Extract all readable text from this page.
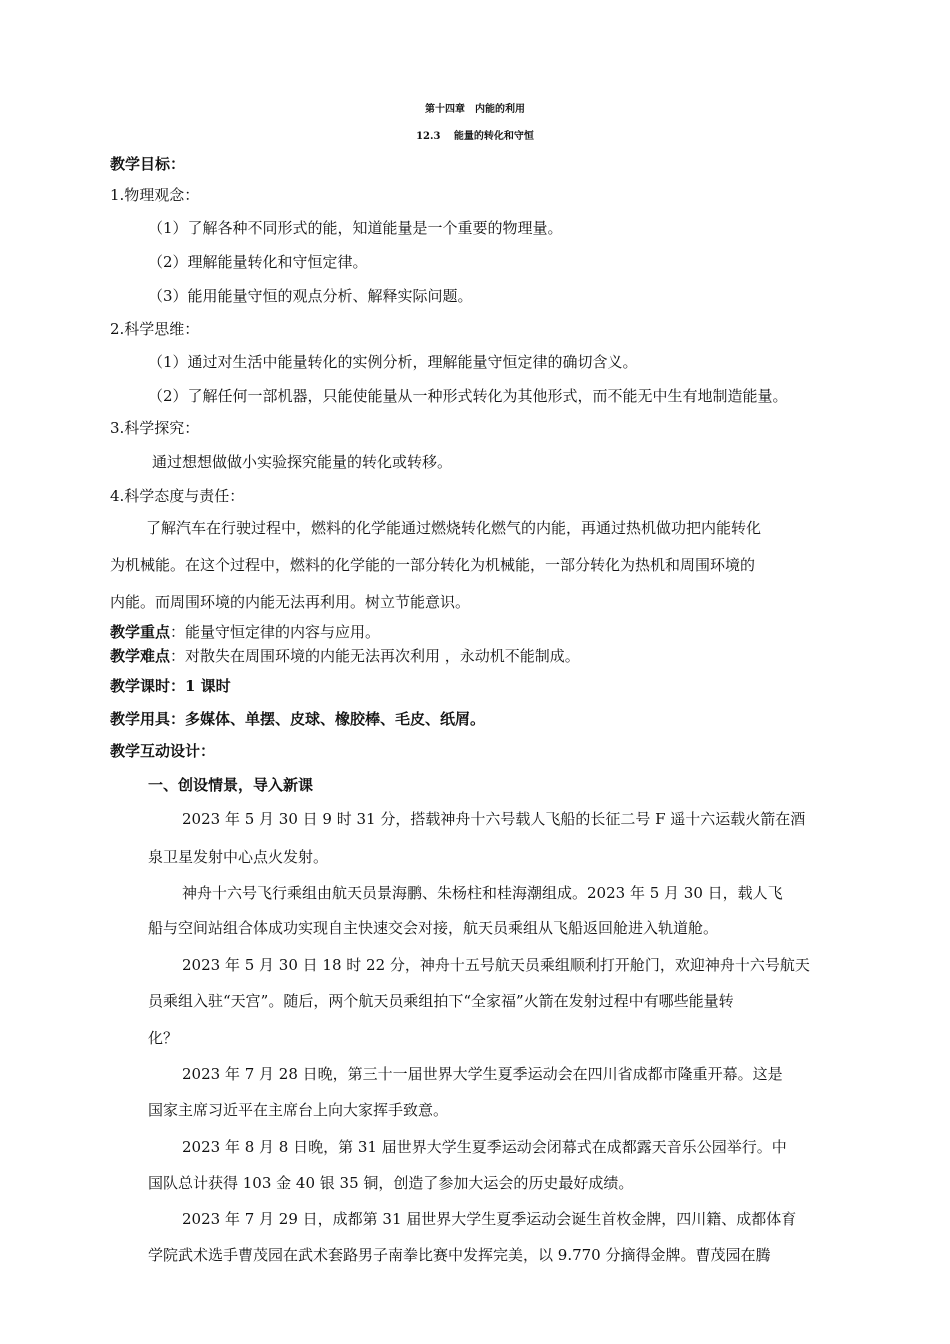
第十四章　内能的利用
12.3　 能量的转化和守恒
教学目标：
1.物理观念：
（1）了解各种不同形式的能，知道能量是一个重要的物理量。
（2）理解能量转化和守恒定律。
（3）能用能量守恒的观点分析、解释实际问题。
2.科学思维：
（1）通过对生活中能量转化的实例分析，理解能量守恒定律的确切含义。
（2）了解任何一部机器，只能使能量从一种形式转化为其他形式，而不能无中生有地制造能量。
3.科学探究：
通过想想做做小实验探究能量的转化或转移。
4.科学态度与责任：
了解汽车在行驶过程中，燃料的化学能通过燃烧转化燃气的内能，再通过热机做功把内能转化
为机械能。在这个过程中，燃料的化学能的一部分转化为机械能，一部分转化为热机和周围环境的
内能。而周围环境的内能无法再利用。树立节能意识。
教学重点：能量守恒定律的内容与应用。
教学难点：对散失在周围环境的内能无法再次利用 ，永动机不能制成。
教学课时：1 课时
教学用具：多媒体、单摆、皮球、橡胶棒、毛皮、纸屑。
教学互动设计：
一、创设情景，导入新课
2023 年 5 月 30 日 9 时 31 分，搭载神舟十六号载人飞船的长征二号 F 遥十六运载火箭在酒
泉卫星发射中心点火发射。
神舟十六号飞行乘组由航天员景海鹏、朱杨柱和桂海潮组成。2023 年 5 月 30 日，载人飞
船与空间站组合体成功实现自主快速交会对接，航天员乘组从飞船返回舱进入轨道舱。
2023 年 5 月 30 日 18 时 22 分，神舟十五号航天员乘组顺利打开舱门，欢迎神舟十六号航天
员乘组入驻“天宫”。随后，两个航天员乘组拍下“全家福”火箭在发射过程中有哪些能量转
化？
2023 年 7 月 28 日晚，第三十一届世界大学生夏季运动会在四川省成都市隆重开幕。这是
国家主席习近平在主席台上向大家挥手致意。
2023 年 8 月 8 日晚，第 31 届世界大学生夏季运动会闭幕式在成都露天音乐公园举行。中
国队总计获得 103 金 40 银 35 铜，创造了参加大运会的历史最好成绩。
2023 年 7 月 29 日，成都第 31 届世界大学生夏季运动会诞生首枚金牌，四川籍、成都体育
学院武术选手曹茂园在武术套路男子南拳比赛中发挥完美，以 9.770 分摘得金牌。曹茂园在腾
